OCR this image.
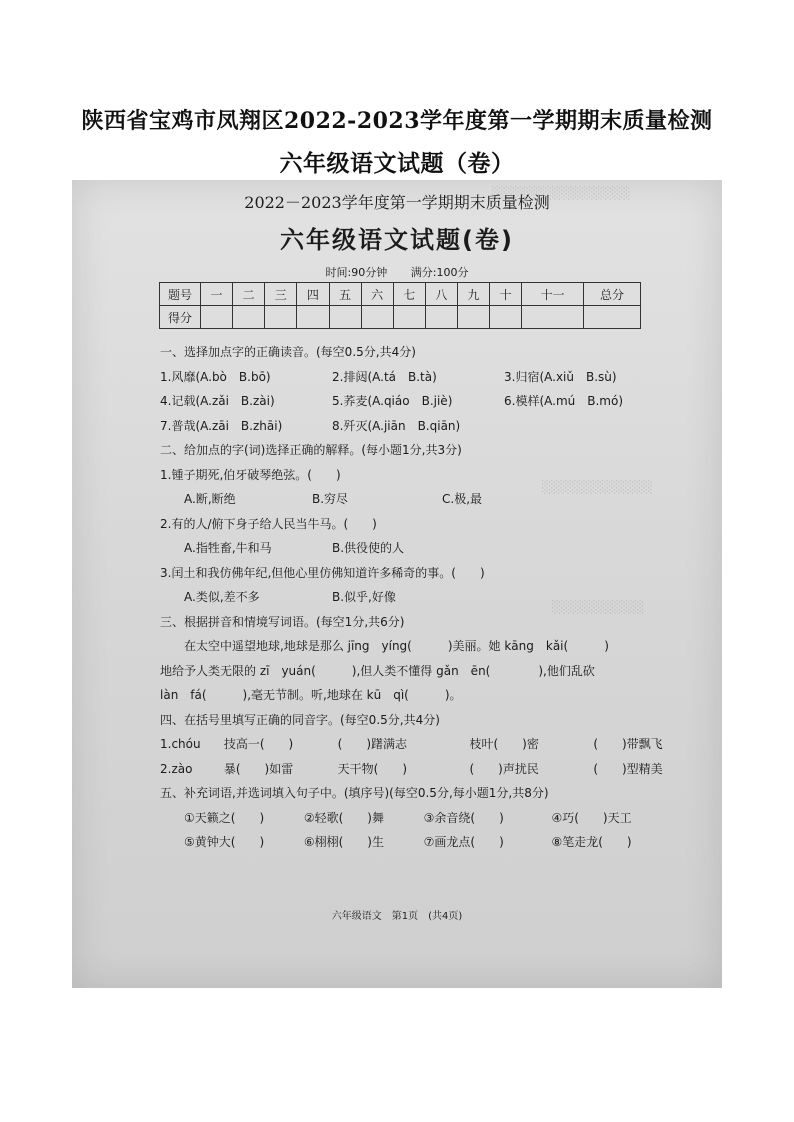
陕西省宝鸡市凤翔区2022-2023学年度第一学期期末质量检测
六年级语文试题（卷）
░░░░░░░░░░░░░░░
░░░░░░░░░░░░
░░░░░░░░░░
2022－2023学年度第一学期期末质量检测
六年级语文试题(卷)
时间:90分钟 满分:100分
题号	一	二	三	四	五	六	七	八	九	十	十一	总分
得分												
一、选择加点字的正确读音。(每空0.5分,共4分)
1.风靡(A.bò　B.bō)	2.排闼(A.tá　B.tà)	3.归宿(A.xiǔ　B.sù)
4.记载(A.zǎi　B.zài)	5.荞麦(A.qiáo　B.jiè)	6.模样(A.mú　B.mó)
7.普哉(A.zāi　B.zhāi)	8.歼灭(A.jiān　B.qiān)
二、给加点的字(词)选择正确的解释。(每小题1分,共3分)
1.锺子期死,伯牙破琴绝弦。(　　)
A.断,断绝	B.穷尽	C.极,最
2.有的人/俯下身子给人民当牛马。(　　)
A.指牲畜,牛和马	B.供役使的人
3.闰土和我仿佛年纪,但他心里仿佛知道许多稀奇的事。(　　)
A.类似,差不多	B.似乎,好像
三、根据拼音和情境写词语。(每空1分,共6分)
在太空中遥望地球,地球是那么 jīng　yíng(　　　)美丽。她 kāng　kǎi(　　　)
地给予人类无限的 zī　yuán(　　　),但人类不懂得 gǎn　ēn(　　　　),他们乱砍
làn　fá(　　　),毫无节制。听,地球在 kū　qì(　　　)。
四、在括号里填写正确的同音字。(每空0.5分,共4分)
1.chóu 技高一(　　)	(　　)躇满志	枝叶(　　)密	(　　)带飘飞
2.zào	暴(　　)如雷	天干物(　　)	(　　)声扰民	(　　)型精美
五、补充词语,并选词填入句子中。(填序号)(每空0.5分,每小题1分,共8分)
①天籁之(　　)	②轻歌(　　)舞	③余音绕(　　)	④巧(　　)天工
⑤黄钟大(　　)	⑥栩栩(　　)生	⑦画龙点(　　)	⑧笔走龙(　　)
六年级语文　第1页　(共4页)
